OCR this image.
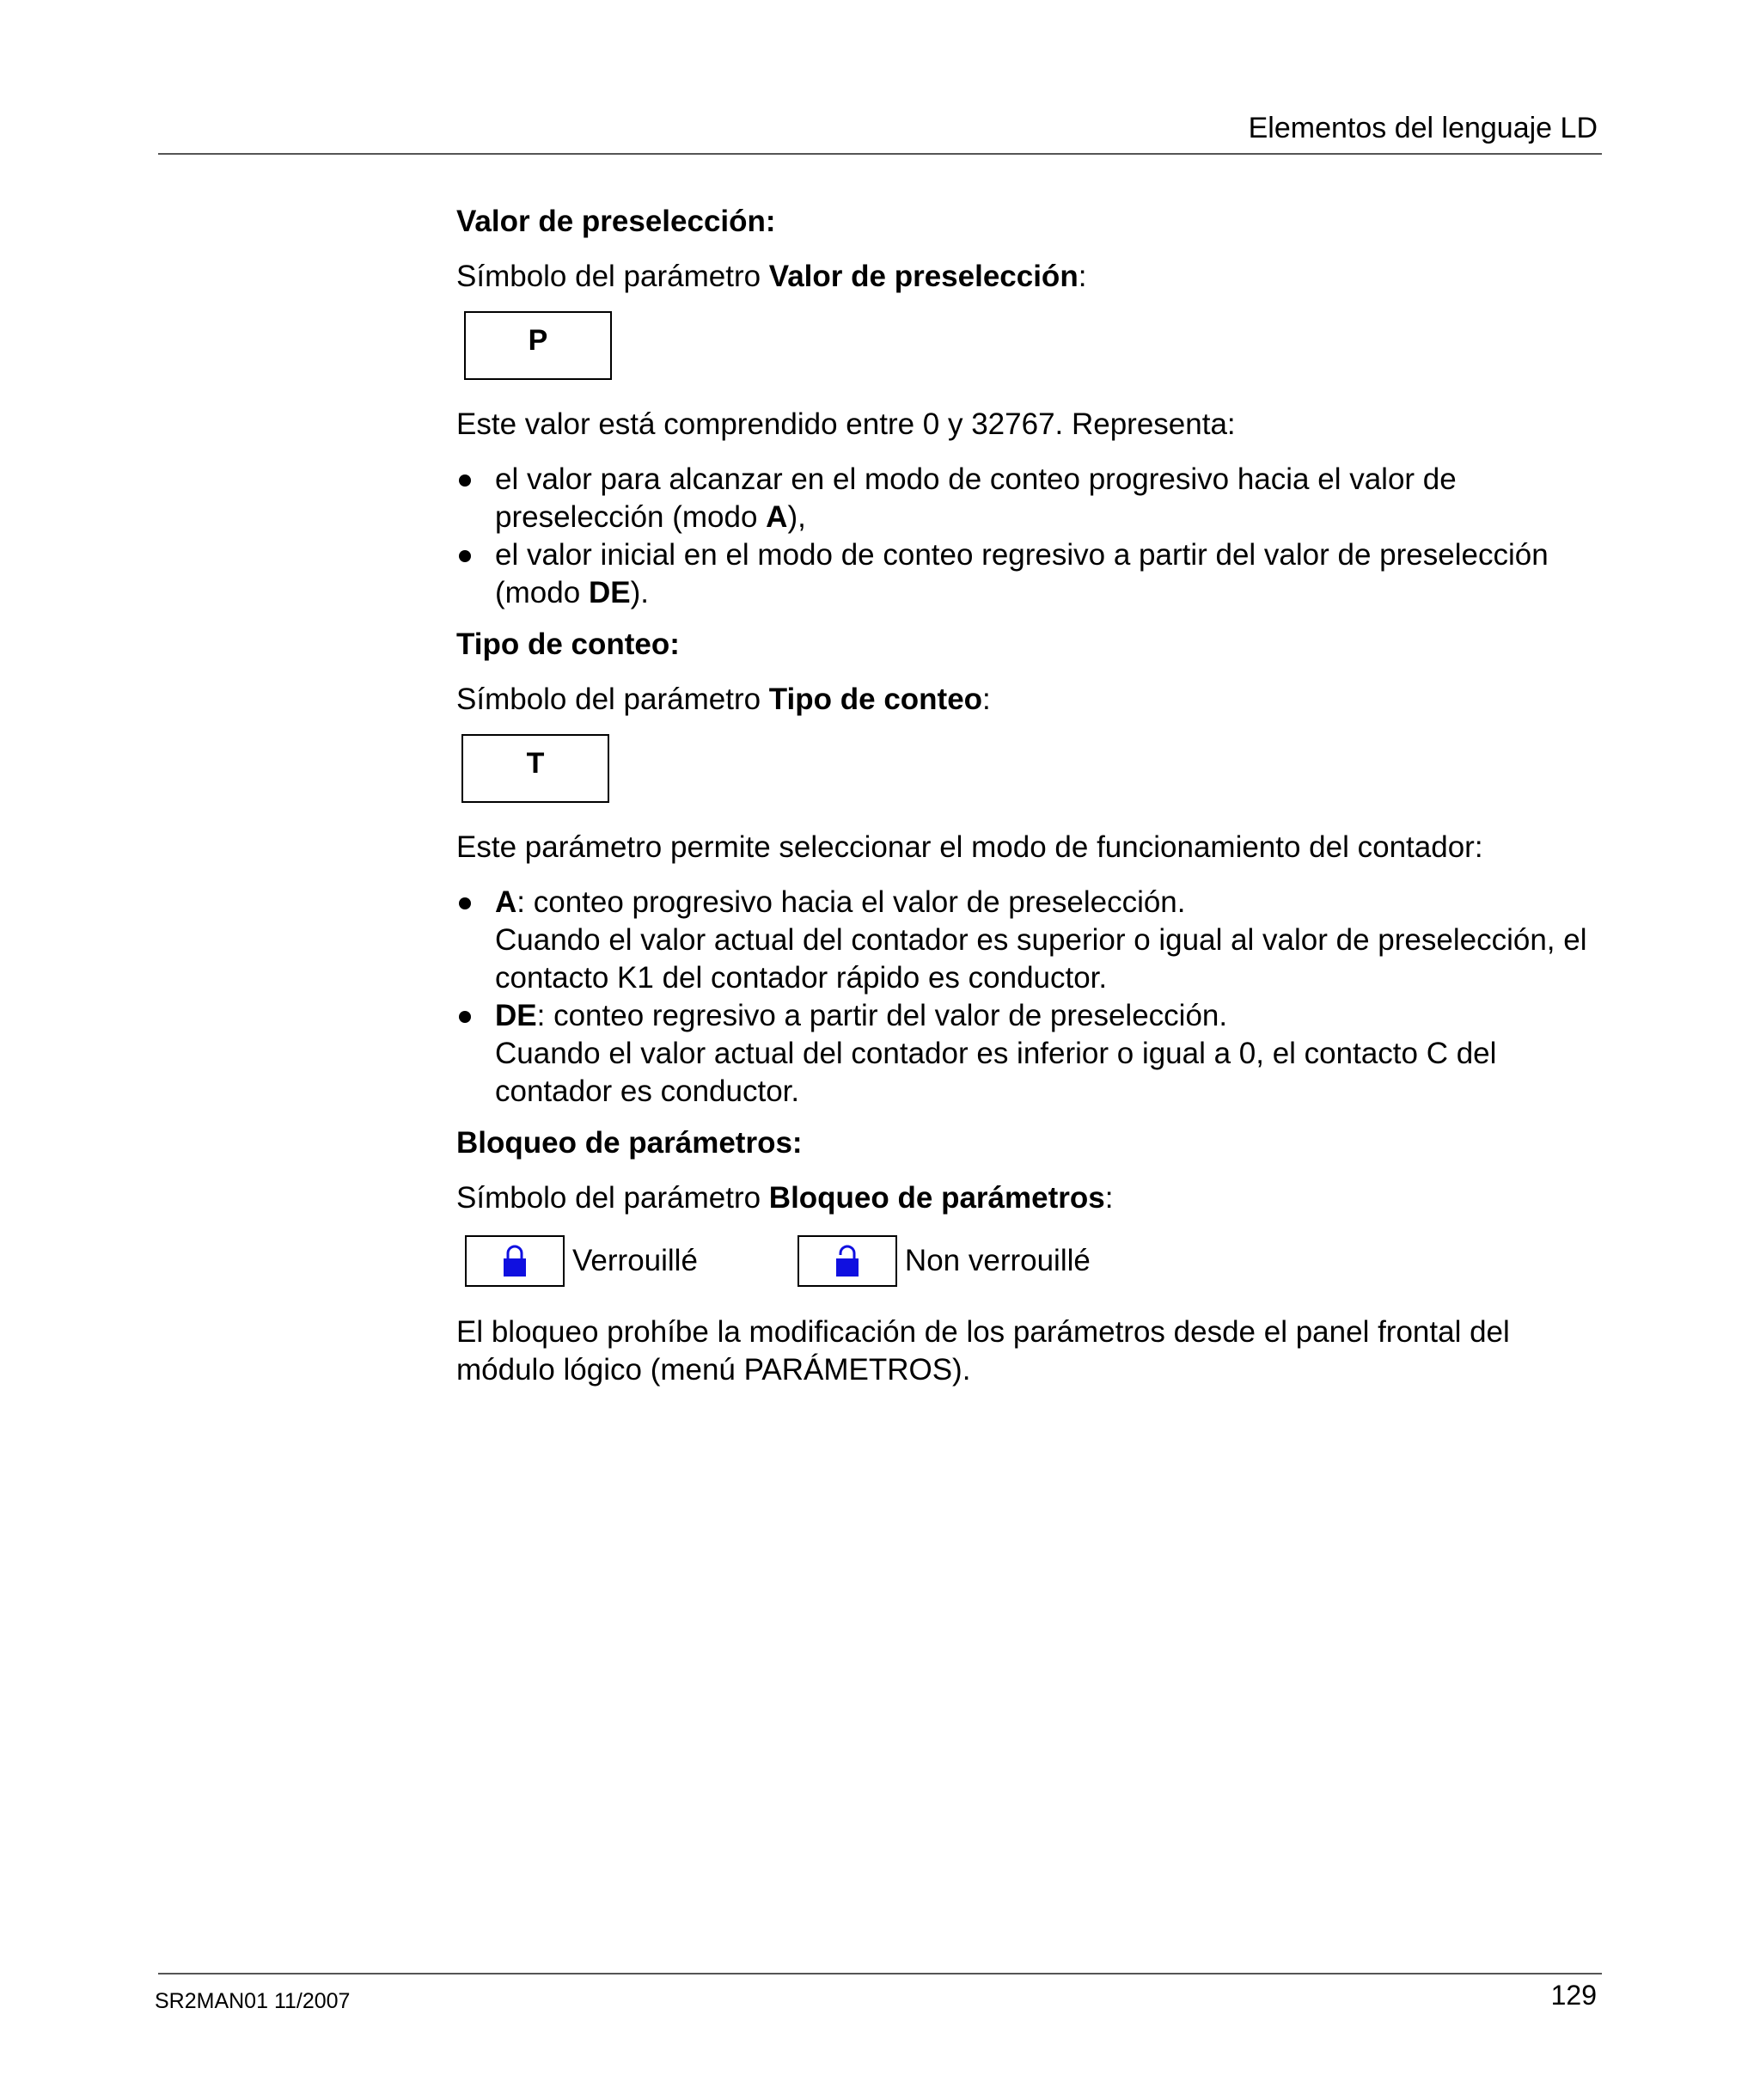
Elementos del lenguaje LD

Valor de preselección:

Símbolo del parámetro Valor de preselección:

P

Este valor está comprendido entre 0 y 32767. Representa:

el valor para alcanzar en el modo de conteo progresivo hacia el valor de preselección (modo A),
el valor inicial en el modo de conteo regresivo a partir del valor de preselección (modo DE).

Tipo de conteo:

Símbolo del parámetro Tipo de conteo:

T

Este parámetro permite seleccionar el modo de funcionamiento del contador:

A: conteo progresivo hacia el valor de preselección.
Cuando el valor actual del contador es superior o igual al valor de preselección, el contacto K1 del contador rápido es conductor.
DE: conteo regresivo a partir del valor de preselección.
Cuando el valor actual del contador es inferior o igual a 0, el contacto C del contador es conductor.

Bloqueo de parámetros:

Símbolo del parámetro Bloqueo de parámetros:

Verrouillé	Non verrouillé

El bloqueo prohíbe la modificación de los parámetros desde el panel frontal del módulo lógico (menú PARÁMETROS).

SR2MAN01 11/2007	129
